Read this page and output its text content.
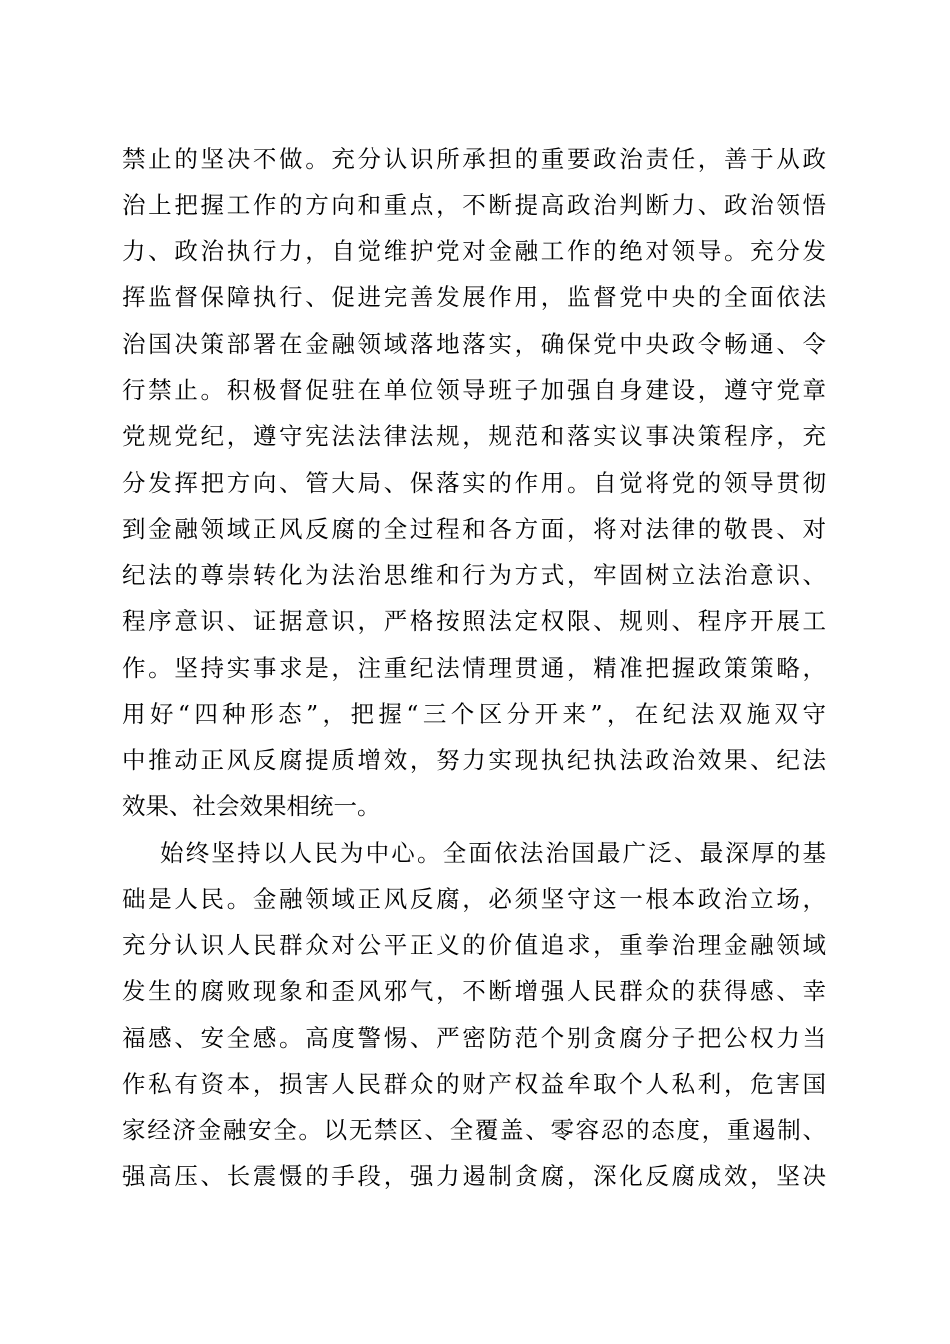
禁止的坚决不做。充分认识所承担的重要政治责任，善于从政
治上把握工作的方向和重点，不断提高政治判断力、政治领悟
力、政治执行力，自觉维护党对金融工作的绝对领导。充分发
挥监督保障执行、促进完善发展作用，监督党中央的全面依法
治国决策部署在金融领域落地落实，确保党中央政令畅通、令
行禁止。积极督促驻在单位领导班子加强自身建设，遵守党章
党规党纪，遵守宪法法律法规，规范和落实议事决策程序，充
分发挥把方向、管大局、保落实的作用。自觉将党的领导贯彻
到金融领域正风反腐的全过程和各方面，将对法律的敬畏、对
纪法的尊崇转化为法治思维和行为方式，牢固树立法治意识、
程序意识、证据意识，严格按照法定权限、规则、程序开展工
作。坚持实事求是，注重纪法情理贯通，精准把握政策策略，
用好“四种形态”，把握“三个区分开来”，在纪法双施双守
中推动正风反腐提质增效，努力实现执纪执法政治效果、纪法
效果、社会效果相统一。
始终坚持以人民为中心。全面依法治国最广泛、最深厚的基
础是人民。金融领域正风反腐，必须坚守这一根本政治立场，
充分认识人民群众对公平正义的价值追求，重拳治理金融领域
发生的腐败现象和歪风邪气，不断增强人民群众的获得感、幸
福感、安全感。高度警惕、严密防范个别贪腐分子把公权力当
作私有资本，损害人民群众的财产权益牟取个人私利，危害国
家经济金融安全。以无禁区、全覆盖、零容忍的态度，重遏制、
强高压、长震慑的手段，强力遏制贪腐，深化反腐成效，坚决
